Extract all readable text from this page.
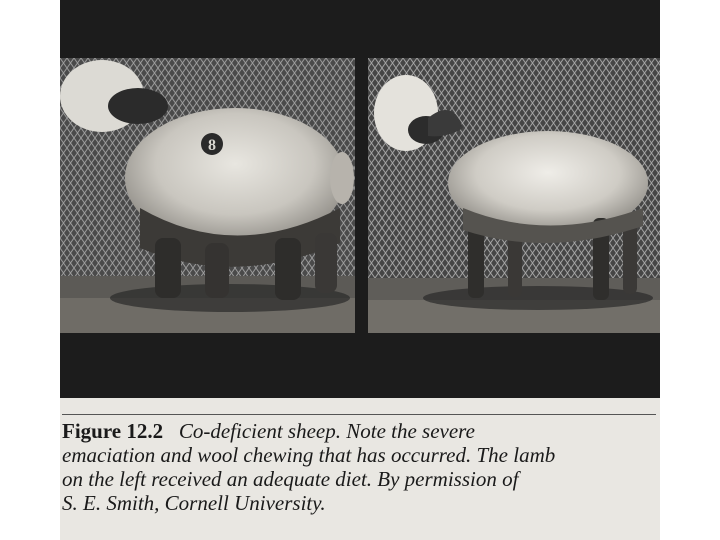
8
Figure 12.2 Co-deficient sheep. Note the severe
emaciation and wool chewing that has occurred. The lamb
on the left received an adequate diet. By permission of
S. E. Smith, Cornell University.
